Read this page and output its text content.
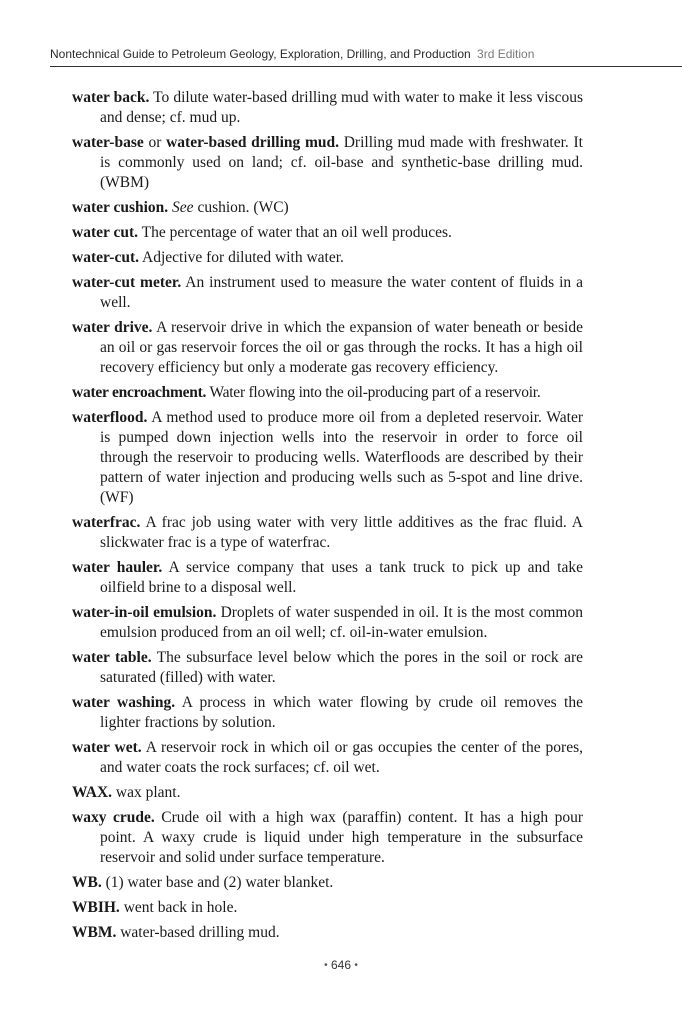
Nontechnical Guide to Petroleum Geology, Exploration, Drilling, and Production 3rd Edition

water back. To dilute water-based drilling mud with water to make it less viscous and dense; cf. mud up.

water-base or water-based drilling mud. Drilling mud made with freshwater. It is commonly used on land; cf. oil-base and synthetic-base drilling mud. (WBM)

water cushion. See cushion. (WC)

water cut. The percentage of water that an oil well produces.

water-cut. Adjective for diluted with water.

water-cut meter. An instrument used to measure the water content of fluids in a well.

water drive. A reservoir drive in which the expansion of water beneath or beside an oil or gas reservoir forces the oil or gas through the rocks. It has a high oil recovery efficiency but only a moderate gas recovery efficiency.

water encroachment. Water flowing into the oil-producing part of a reservoir.

waterflood. A method used to produce more oil from a depleted reservoir. Water is pumped down injection wells into the reservoir in order to force oil through the reservoir to producing wells. Waterfloods are described by their pattern of water injection and producing wells such as 5-spot and line drive. (WF)

waterfrac. A frac job using water with very little additives as the frac fluid. A slickwater frac is a type of waterfrac.

water hauler. A service company that uses a tank truck to pick up and take oilfield brine to a disposal well.

water-in-oil emulsion. Droplets of water suspended in oil. It is the most common emulsion produced from an oil well; cf. oil-in-water emulsion.

water table. The subsurface level below which the pores in the soil or rock are saturated (filled) with water.

water washing. A process in which water flowing by crude oil removes the lighter fractions by solution.

water wet. A reservoir rock in which oil or gas occupies the center of the pores, and water coats the rock surfaces; cf. oil wet.

WAX. wax plant.

waxy crude. Crude oil with a high wax (paraffin) content. It has a high pour point. A waxy crude is liquid under high temperature in the subsurface reservoir and solid under surface temperature.

WB. (1) water base and (2) water blanket.

WBIH. went back in hole.

WBM. water-based drilling mud.

• 646 •
